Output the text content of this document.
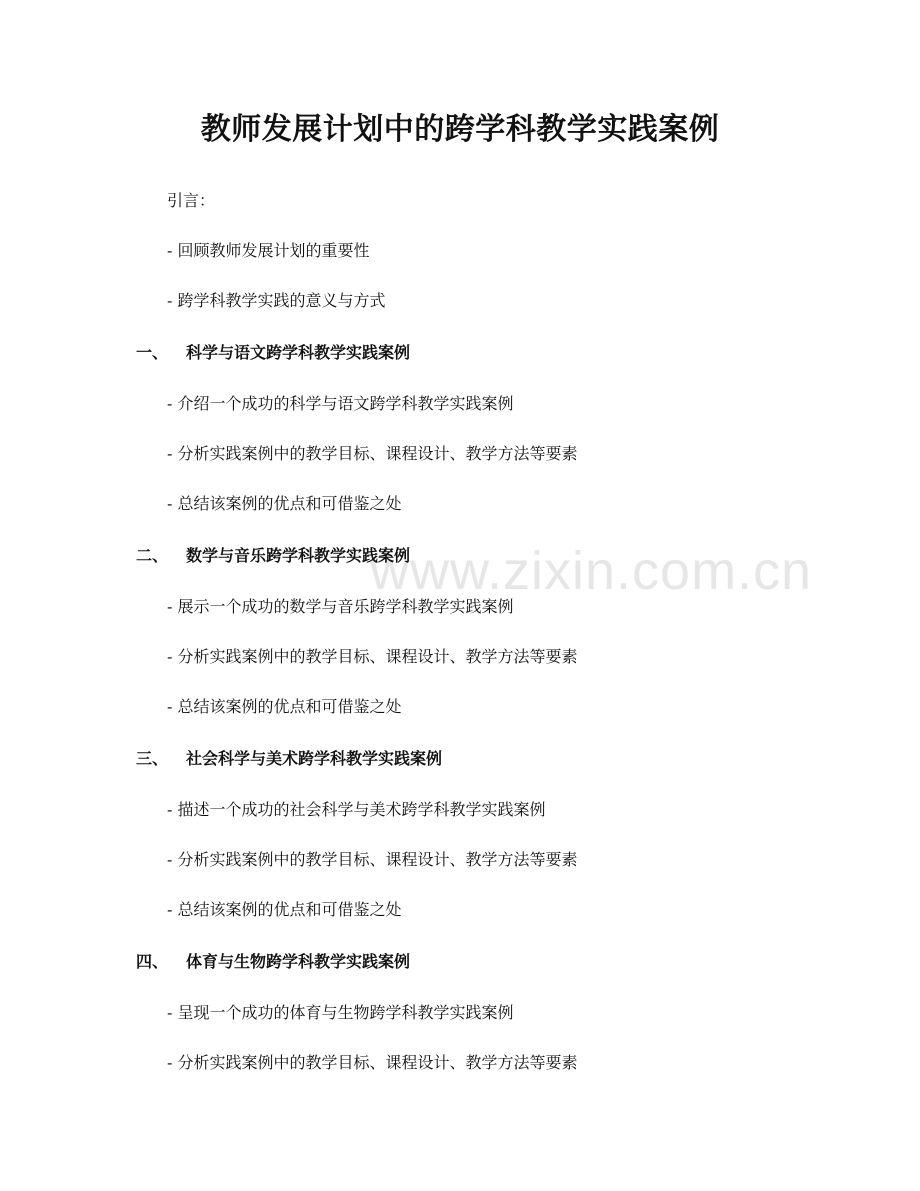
www.zixin.com.cn
教师发展计划中的跨学科教学实践案例
引言：
- 回顾教师发展计划的重要性
- 跨学科教学实践的意义与方式
一、 科学与语文跨学科教学实践案例
- 介绍一个成功的科学与语文跨学科教学实践案例
- 分析实践案例中的教学目标、课程设计、教学方法等要素
- 总结该案例的优点和可借鉴之处
二、 数学与音乐跨学科教学实践案例
- 展示一个成功的数学与音乐跨学科教学实践案例
- 分析实践案例中的教学目标、课程设计、教学方法等要素
- 总结该案例的优点和可借鉴之处
三、 社会科学与美术跨学科教学实践案例
- 描述一个成功的社会科学与美术跨学科教学实践案例
- 分析实践案例中的教学目标、课程设计、教学方法等要素
- 总结该案例的优点和可借鉴之处
四、 体育与生物跨学科教学实践案例
- 呈现一个成功的体育与生物跨学科教学实践案例
- 分析实践案例中的教学目标、课程设计、教学方法等要素
